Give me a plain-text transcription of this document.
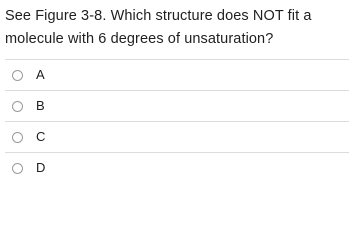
See Figure 3-8. Which structure does NOT fit a molecule with 6 degrees of unsaturation?
A
B
C
D
